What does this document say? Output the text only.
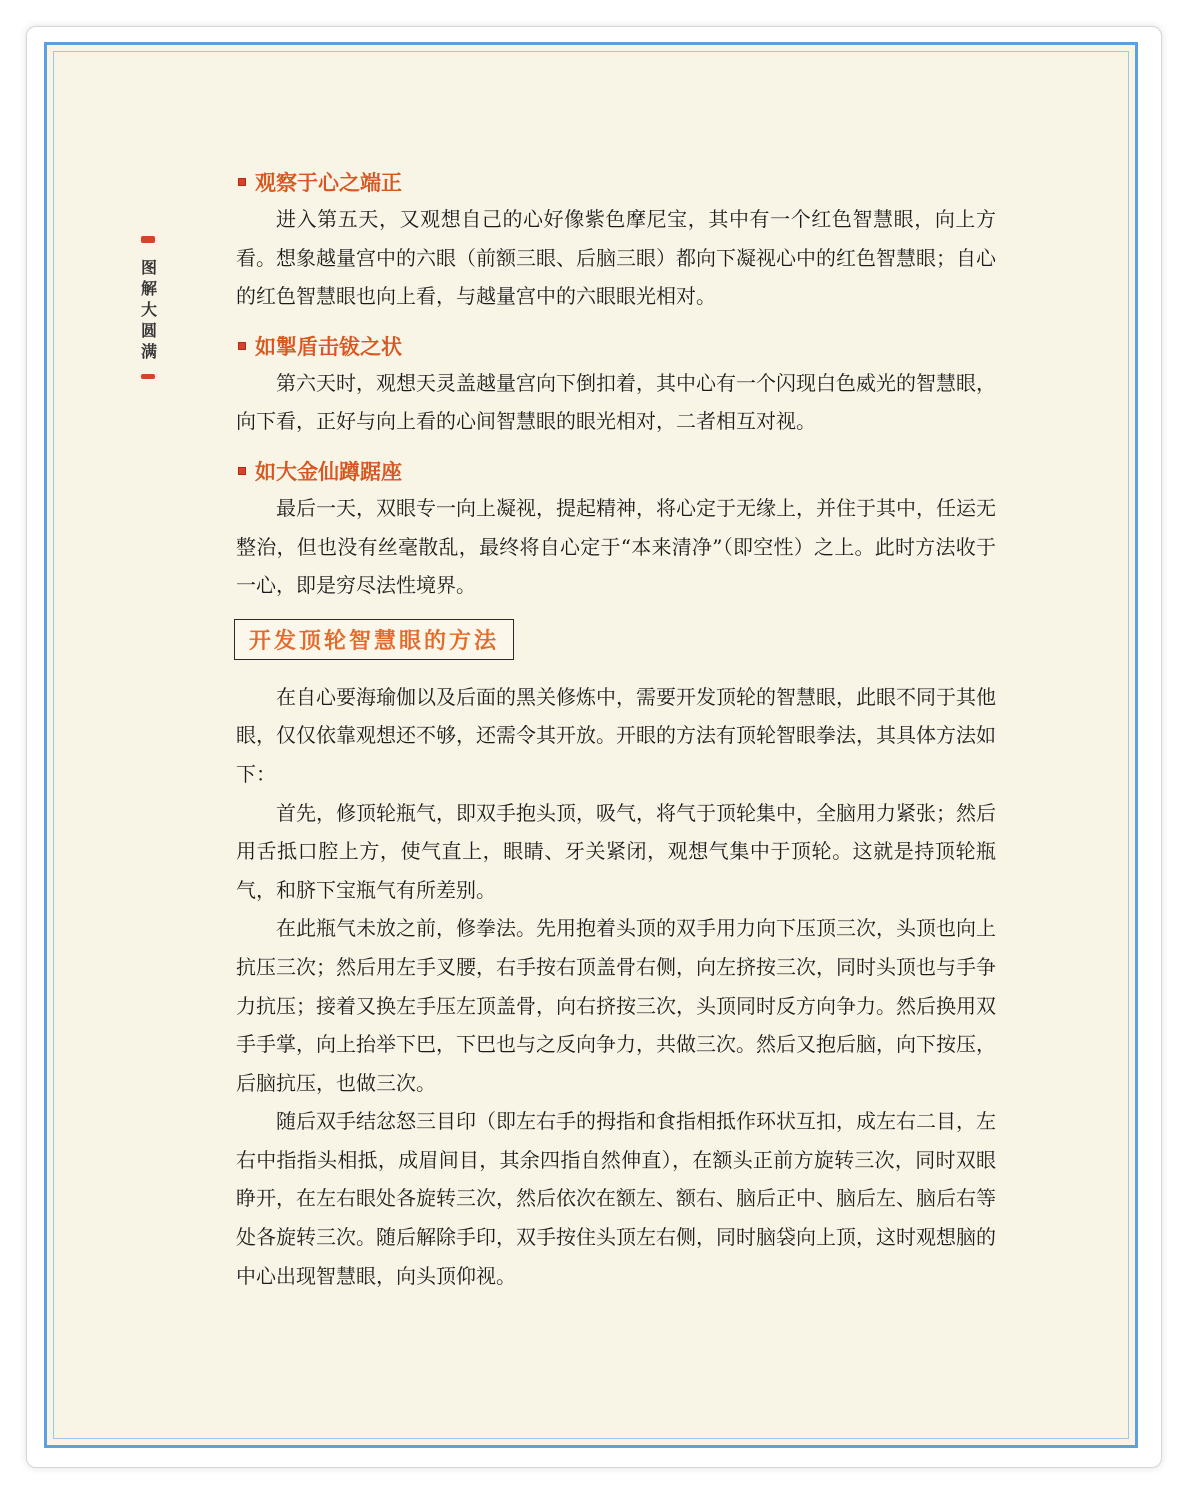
图解大圆满
观察于心之端正

进入第五天，又观想自己的心好像紫色摩尼宝，其中有一个红色智慧眼，向上方看。想象越量宫中的六眼（前额三眼、后脑三眼）都向下凝视心中的红色智慧眼；自心的红色智慧眼也向上看，与越量宫中的六眼眼光相对。

如掣盾击钹之状

第六天时，观想天灵盖越量宫向下倒扣着，其中心有一个闪现白色威光的智慧眼，向下看，正好与向上看的心间智慧眼的眼光相对，二者相互对视。

如大金仙蹲踞座

最后一天，双眼专一向上凝视，提起精神，将心定于无缘上，并住于其中，任运无整治，但也没有丝毫散乱，最终将自心定于“本来清净”（即空性）之上。此时方法收于一心，即是穷尽法性境界。

开发顶轮智慧眼的方法

在自心要海瑜伽以及后面的黑关修炼中，需要开发顶轮的智慧眼，此眼不同于其他眼，仅仅依靠观想还不够，还需令其开放。开眼的方法有顶轮智眼拳法，其具体方法如下：

首先，修顶轮瓶气，即双手抱头顶，吸气，将气于顶轮集中，全脑用力紧张；然后用舌抵口腔上方，使气直上，眼睛、牙关紧闭，观想气集中于顶轮。这就是持顶轮瓶气，和脐下宝瓶气有所差别。

在此瓶气未放之前，修拳法。先用抱着头顶的双手用力向下压顶三次，头顶也向上抗压三次；然后用左手叉腰，右手按右顶盖骨右侧，向左挤按三次，同时头顶也与手争力抗压；接着又换左手压左顶盖骨，向右挤按三次，头顶同时反方向争力。然后换用双手手掌，向上抬举下巴，下巴也与之反向争力，共做三次。然后又抱后脑，向下按压，后脑抗压，也做三次。

随后双手结忿怒三目印（即左右手的拇指和食指相抵作环状互扣，成左右二目，左右中指指头相抵，成眉间目，其余四指自然伸直），在额头正前方旋转三次，同时双眼睁开，在左右眼处各旋转三次，然后依次在额左、额右、脑后正中、脑后左、脑后右等处各旋转三次。随后解除手印，双手按住头顶左右侧，同时脑袋向上顶，这时观想脑的中心出现智慧眼，向头顶仰视。
